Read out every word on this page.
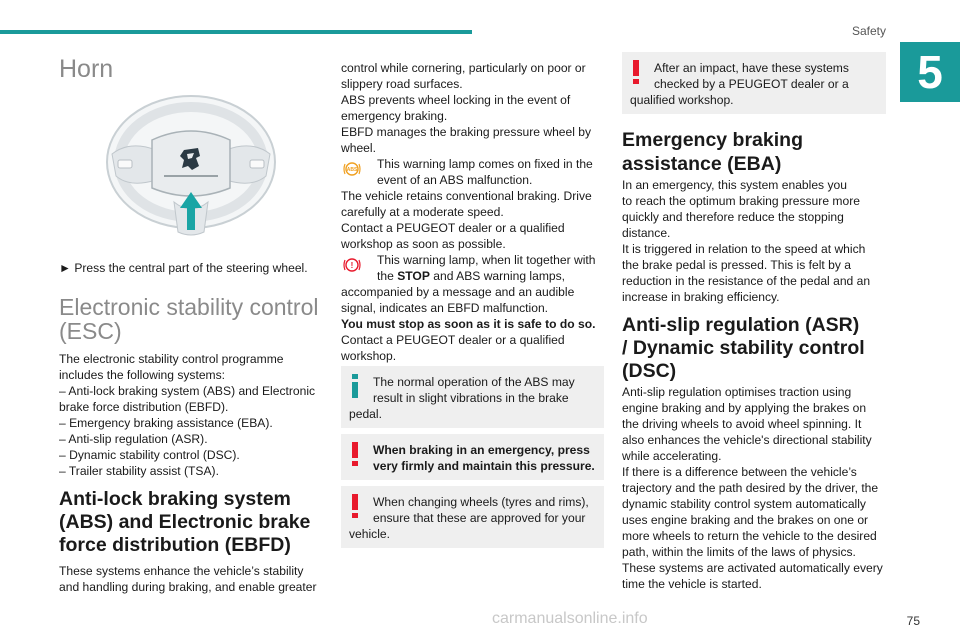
Safety
5
Horn
► Press the central part of the steering wheel.
Electronic stability control
(ESC)
The electronic stability control programme
includes the following systems:
– Anti-lock braking system (ABS) and Electronic
brake force distribution (EBFD).
– Emergency braking assistance (EBA).
– Anti-slip regulation (ASR).
– Dynamic stability control (DSC).
– Trailer stability assist (TSA).
Anti-lock braking system
(ABS) and Electronic brake
force distribution (EBFD)
These systems enhance the vehicle’s stability
and handling during braking, and enable greater
control while cornering, particularly on poor or
slippery road surfaces.
ABS prevents wheel locking in the event of
emergency braking.
EBFD manages the braking pressure wheel by
wheel.
ABS This warning lamp comes on fixed in the
event of an ABS malfunction.
The vehicle retains conventional braking. Drive
carefully at a moderate speed.
Contact a PEUGEOT dealer or a qualified
workshop as soon as possible.
! This warning lamp, when lit together with
the STOP and ABS warning lamps,
accompanied by a message and an audible
signal, indicates an EBFD malfunction.
You must stop as soon as it is safe to do so.
Contact a PEUGEOT dealer or a qualified
workshop.
The normal operation of the ABS may
result in slight vibrations in the brake
pedal.
When braking in an emergency, press
very firmly and maintain this pressure.
When changing wheels (tyres and rims),
ensure that these are approved for your
vehicle.
After an impact, have these systems
checked by a PEUGEOT dealer or a
qualified workshop.
Emergency braking
assistance (EBA)
In an emergency, this system enables you
to reach the optimum braking pressure more
quickly and therefore reduce the stopping
distance.
It is triggered in relation to the speed at which
the brake pedal is pressed. This is felt by a
reduction in the resistance of the pedal and an
increase in braking efficiency.
Anti-slip regulation (ASR)
/ Dynamic stability control
(DSC)
Anti-slip regulation optimises traction using
engine braking and by applying the brakes on
the driving wheels to avoid wheel spinning. It
also enhances the vehicle's directional stability
while accelerating.
If there is a difference between the vehicle’s
trajectory and the path desired by the driver, the
dynamic stability control system automatically
uses engine braking and the brakes on one or
more wheels to return the vehicle to the desired
path, within the limits of the laws of physics.
These systems are activated automatically every
time the vehicle is started.
carmanualsonline.info	75
